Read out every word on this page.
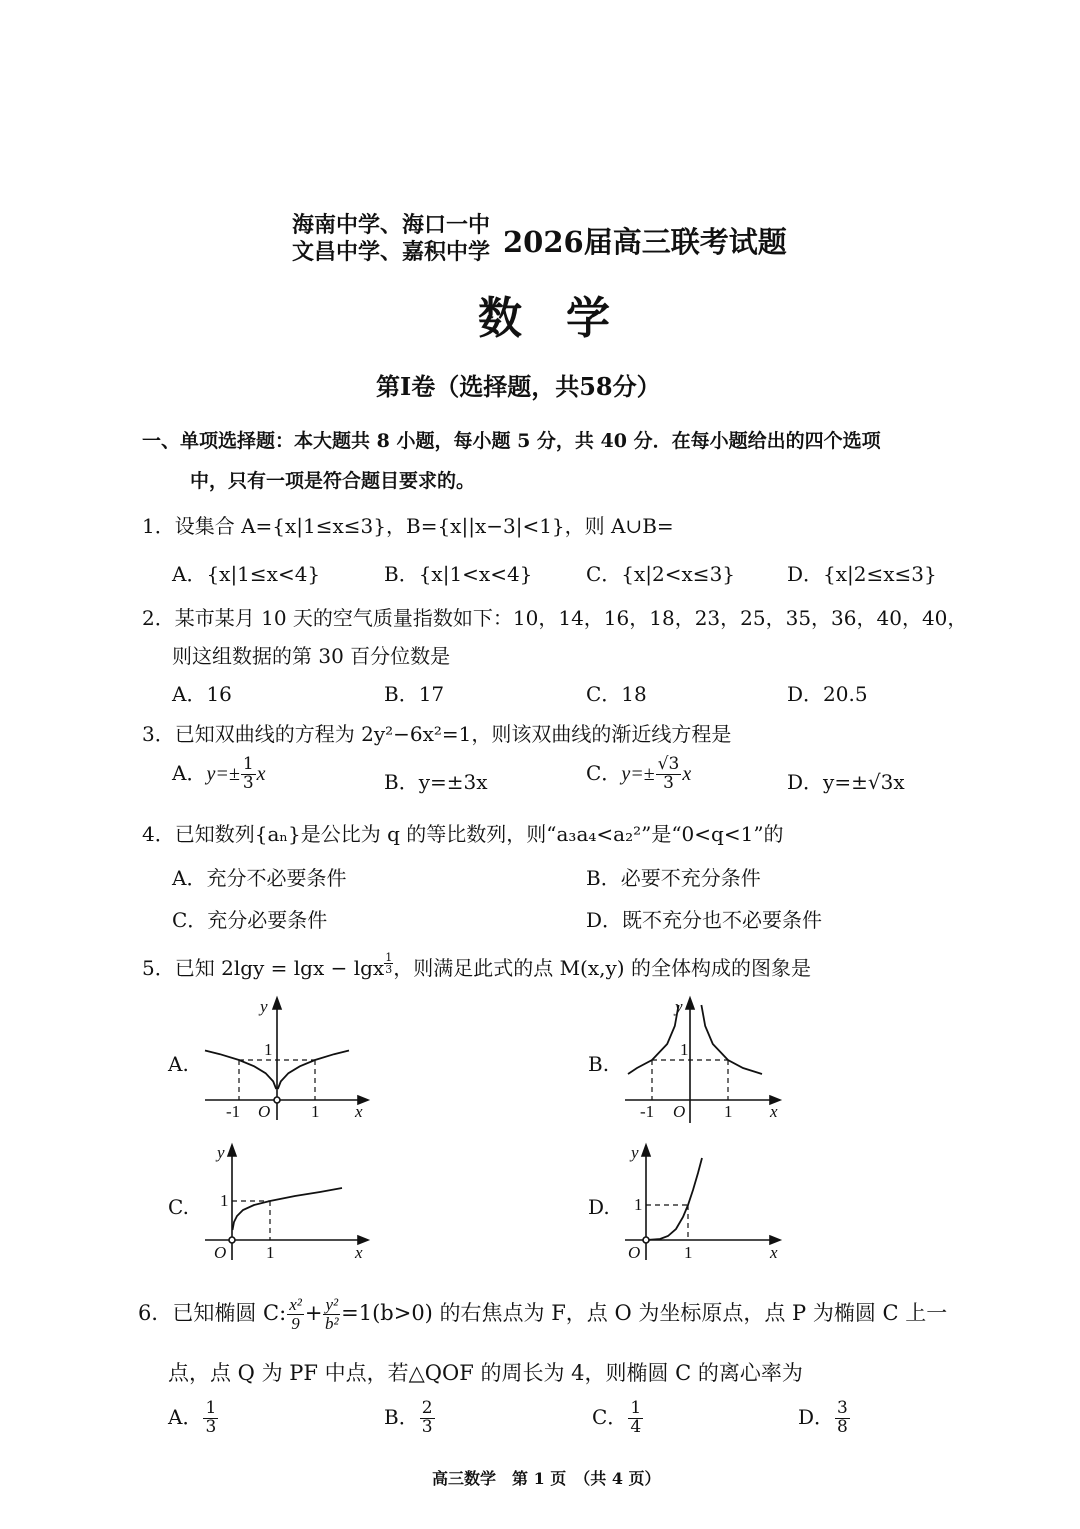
海南中学、海口一中
文昌中学、嘉积中学 2026届高三联考试题
数　学
第Ⅰ卷（选择题，共58分）
一、单项选择题：本大题共 8 小题，每小题 5 分，共 40 分．在每小题给出的四个选项
中，只有一项是符合题目要求的。
1．设集合 A={x|1≤x≤3}，B={x||x−3|<1}，则 A∪B=
A．{x|1≤x<4}	B．{x|1<x<4}	C．{x|2<x≤3}	D．{x|2≤x≤3}
2．某市某月 10 天的空气质量指数如下：10，14，16，18，23，25，35，36，40，40，
则这组数据的第 30 百分位数是
A．16	B．17	C．18	D．20.5
3．已知双曲线的方程为 2y²−6x²=1，则该双曲线的渐近线方程是
A．$y=\pm \frac{1}{3}$ x	B．y=±3x	C．$y=\pm \frac{√3}{3}$ x	D．y=±√3x
4．已知数列{aₙ}是公比为 q 的等比数列，则“a₃a₄<a₂²”是“0<q<1”的
A．充分不必要条件	B．必要不充分条件
C．充分必要条件	D．既不充分也不必要条件
5．已知 2lgy = lgx − lgx $\frac{1}{3}$ ，则满足此式的点 M(x,y) 的全体构成的图象是
A.	B.
C.	D.
y
1
-1 O 1 x
y
1
-1 O 1 x
y
1
O 1	x
y
1
O	1	x
6．已知椭圆 C: $\frac{\text{x²}}{9} + \frac{\text{y²}}{\text{b²}} =1(b>0)$ 的右焦点为 F，点 O 为坐标原点，点 P 为椭圆 C 上一
点，点 Q 为 PF 中点，若△QOF 的周长为 4，则椭圆 C 的离心率为
A． $\frac{1}{3}$	B． $\frac{2}{3}$	C． $\frac{1}{4}$	D． $\frac{3}{8}$
高三数学　第 1 页　（共 4 页）
